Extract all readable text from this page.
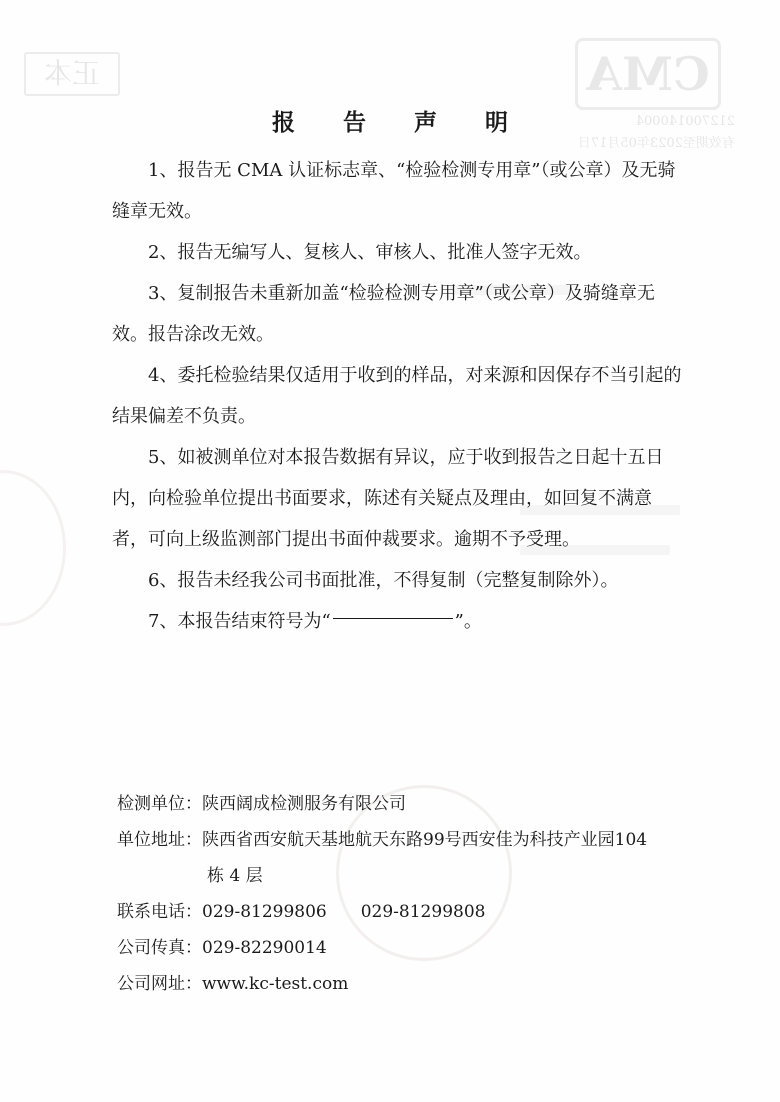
正本	CMA
212700140004
有效期至2023年05月17日
报 告 声 明

1、报告无 CMA 认证标志章、“检验检测专用章”（或公章）及无骑缝章无效。

2、报告无编写人、复核人、审核人、批准人签字无效。

3、复制报告未重新加盖“检验检测专用章”（或公章）及骑缝章无效。报告涂改无效。

4、委托检验结果仅适用于收到的样品，对来源和因保存不当引起的结果偏差不负责。

5、如被测单位对本报告数据有异议，应于收到报告之日起十五日内，向检验单位提出书面要求，陈述有关疑点及理由，如回复不满意者，可向上级监测部门提出书面仲裁要求。逾期不予受理。

6、报告未经我公司书面批准，不得复制（完整复制除外）。

7、本报告结束符号为“	”。

检测单位： 陕西阔成检测服务有限公司
单位地址： 陕西省西安航天基地航天东路99号西安佳为科技产业园104
栋 4 层
联系电话： 029-81299806 029-81299808
公司传真： 029-82290014
公司网址： www.kc-test.com
